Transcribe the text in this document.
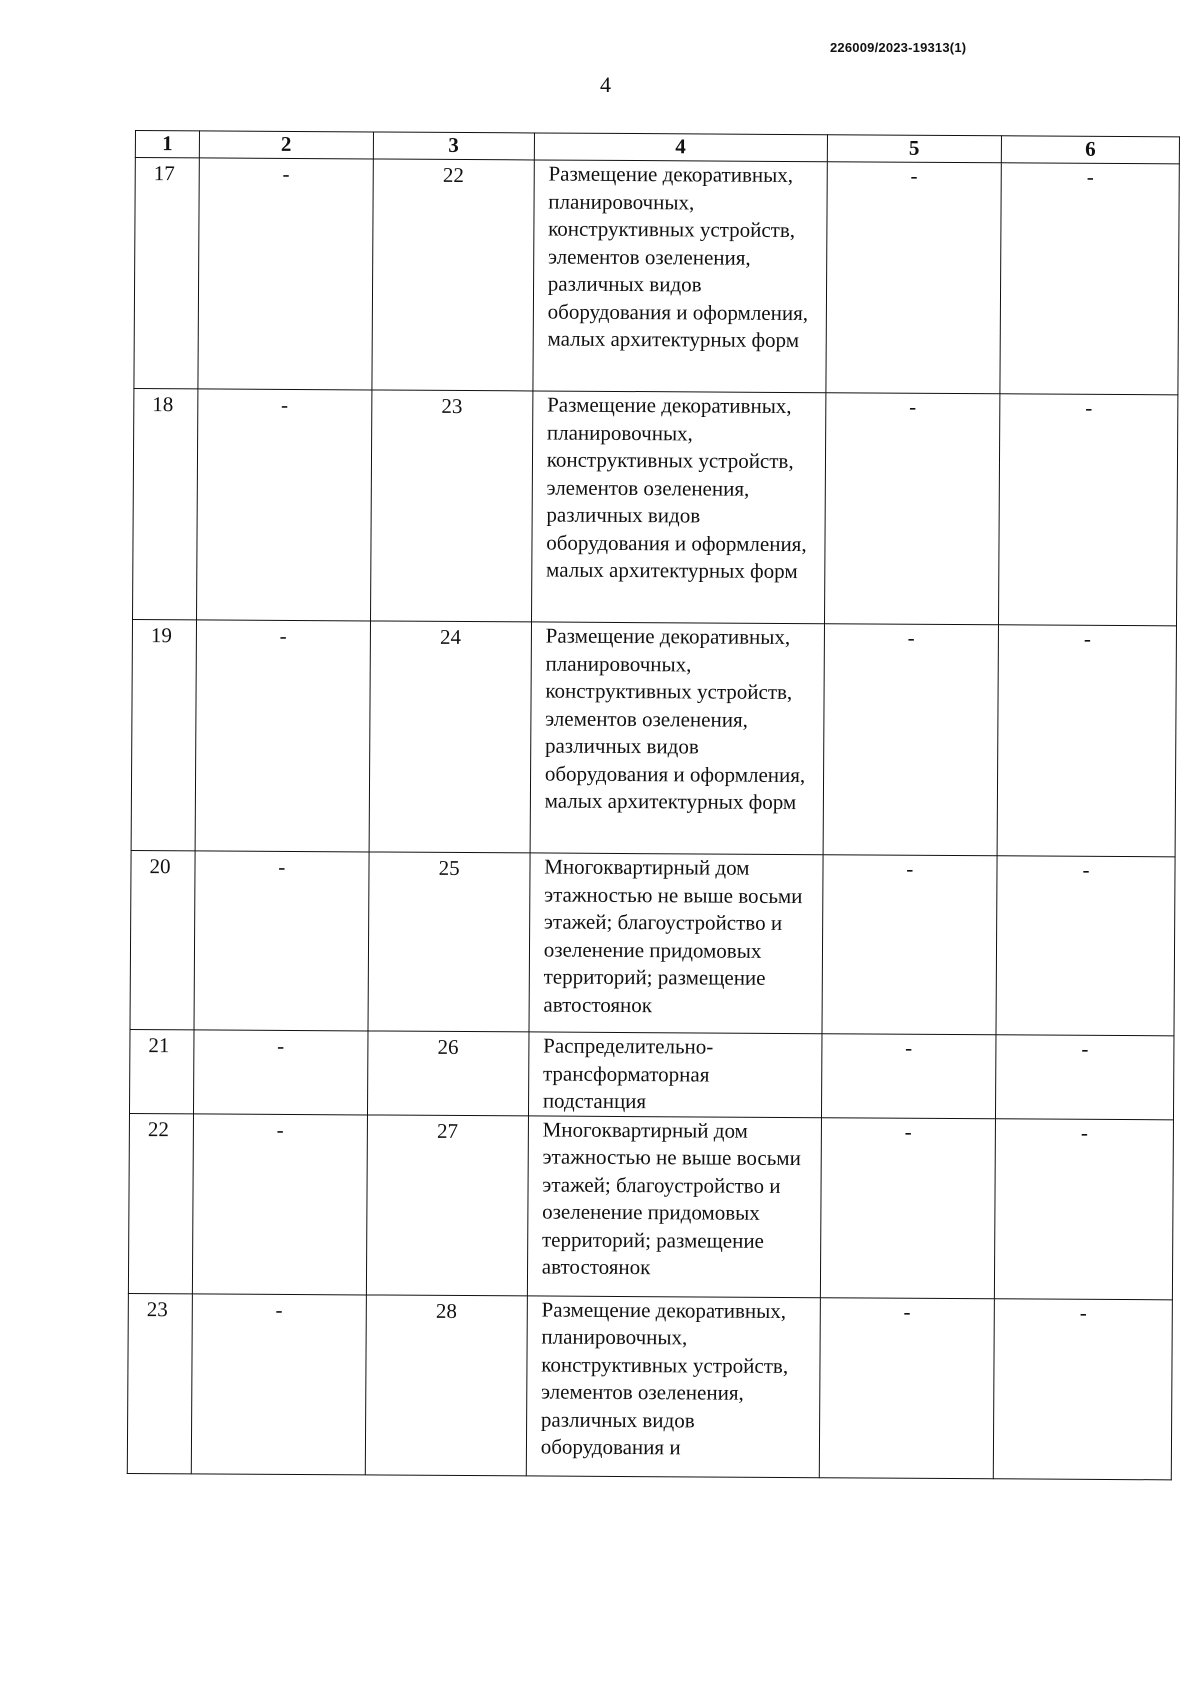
226009/2023-19313(1)
4
1	2	3	4	5	6
17	-	22	Размещение декоративных, планировочных, конструктивных устройств, элементов озеленения, различных видов оборудования и оформления, малых архитектурных форм	-	-
18	-	23	Размещение декоративных, планировочных, конструктивных устройств, элементов озеленения, различных видов оборудования и оформления, малых архитектурных форм	-	-
19	-	24	Размещение декоративных, планировочных, конструктивных устройств, элементов озеленения, различных видов оборудования и оформления, малых архитектурных форм	-	-
20	-	25	Многоквартирный дом этажностью не выше восьми этажей; благоустройство и озеленение придомовых территорий; размещение автостоянок	-	-
21	-	26	Распределительно-трансформаторная подстанция	-	-
22	-	27	Многоквартирный дом этажностью не выше восьми этажей; благоустройство и озеленение придомовых территорий; размещение автостоянок	-	-
23	-	28	Размещение декоративных, планировочных, конструктивных устройств, элементов озеленения, различных видов оборудования и	-	-
